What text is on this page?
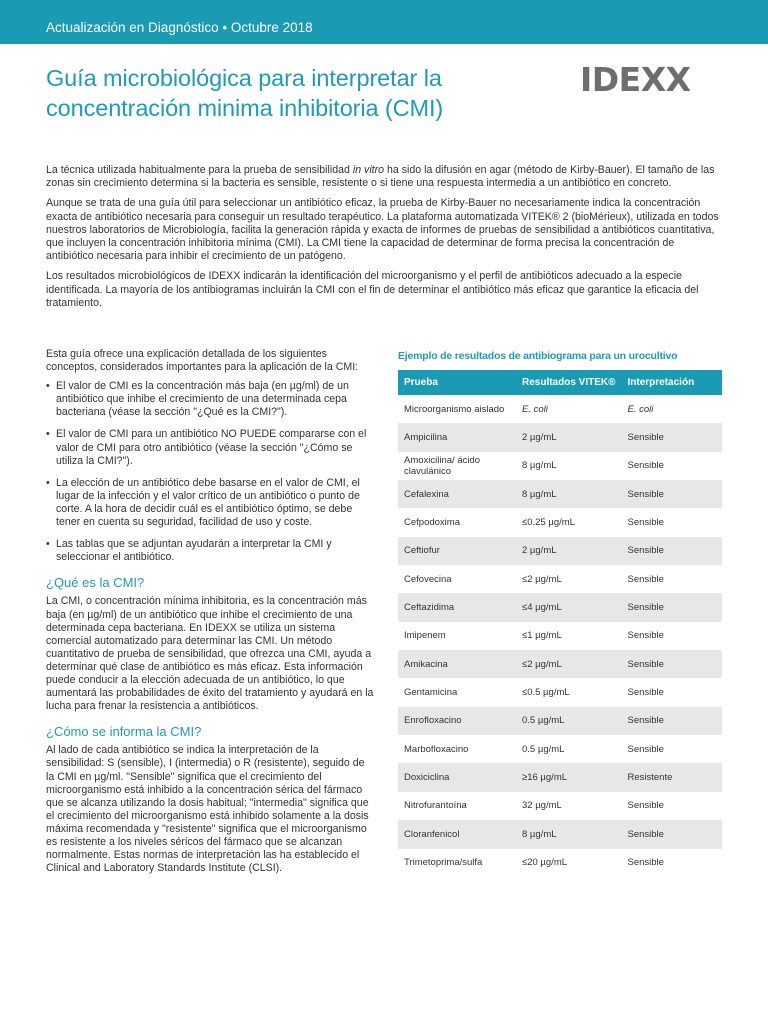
Actualización en Diagnóstico • Octubre 2018
Guía microbiológica para interpretar la
concentración minima inhibitoria (CMI)
IDEXX

La técnica utilizada habitualmente para la prueba de sensibilidad in vitro ha sido la difusión en agar (método de Kirby-Bauer). El tamaño de las zonas sin crecimiento determina si la bacteria es sensible, resistente o si tiene una respuesta intermedia a un antibiótico en concreto.

Aunque se trata de una guía útil para seleccionar un antibiótico eficaz, la prueba de Kirby-Bauer no necesariamente indica la concentración exacta de antibiótico necesaria para conseguir un resultado terapéutico. La plataforma automatizada VITEK® 2 (bioMérieux), utilizada en todos nuestros laboratorios de Microbiología, facilita la generación rápida y exacta de informes de pruebas de sensibilidad a antibióticos cuantitativa, que incluyen la concentración inhibitoria mínima (CMI). La CMI tiene la capacidad de determinar de forma precisa la concentración de antibiótico necesaria para inhibir el crecimiento de un patógeno.

Los resultados microbiológicos de IDEXX indicarán la identificación del microorganismo y el perfil de antibióticos adecuado a la especie identificada. La mayoría de los antibiogramas incluirán la CMI con el fin de determinar el antibiótico más eficaz que garantice la eficacia del tratamiento.

Esta guía ofrece una explicación detallada de los siguientes conceptos, considerados importantes para la aplicación de la CMI:

• El valor de CMI es la concentración más baja (en µg/ml) de un antibiótico que inhibe el crecimiento de una determinada cepa bacteriana (véase la sección "¿Qué es la CMI?").
• El valor de CMI para un antibiótico NO PUEDE compararse con el valor de CMI para otro antibiótico (véase la sección "¿Cómo se utiliza la CMI?").
• La elección de un antibiótico debe basarse en el valor de CMI, el lugar de la infección y el valor crítico de un antibiótico o punto de corte. A la hora de decidir cuál es el antibiótico óptimo, se debe tener en cuenta su seguridad, facilidad de uso y coste.
• Las tablas que se adjuntan ayudarán a interpretar la CMI y seleccionar el antibiótico.
¿Qué es la CMI?

La CMI, o concentración mínima inhibitoria, es la concentración más baja (en µg/ml) de un antibiótico que inhibe el crecimiento de una determinada cepa bacteriana. En IDEXX se utiliza un sistema comercial automatizado para determinar las CMI. Un método cuantitativo de prueba de sensibilidad, que ofrezca una CMI, ayuda a determinar qué clase de antibiótico es más eficaz. Esta información puede conducir a la elección adecuada de un antibiótico, lo que aumentará las probabilidades de éxito del tratamiento y ayudará en la lucha para frenar la resistencia a antibióticos.

¿Cómo se informa la CMI?

Al lado de cada antibiótico se indica la interpretación de la sensibilidad: S (sensible), I (intermedia) o R (resistente), seguido de la CMI en µg/ml. "Sensible" significa que el crecimiento del microorganismo está inhibido a la concentración sérica del fármaco que se alcanza utilizando la dosis habitual; "intermedia" significa que el crecimiento del microorganismo está inhibido solamente a la dosis máxima recomendada y "resistente" significa que el microorganismo es resistente a los niveles séricos del fármaco que se alcanzan normalmente. Estas normas de interpretación las ha establecido el Clinical and Laboratory Standards Institute (CLSI).

Ejemplo de resultados de antibiograma para un urocultivo
Prueba	Resultados VITEK®	Interpretación
Microorganismo aislado	E. coli	E. coli
Ampicilina	2 µg/mL	Sensible
Amoxicilina/ ácido clavulánico	8 µg/mL	Sensible
Cefalexina	8 µg/mL	Sensible
Cefpodoxima	≤0.25 µg/mL	Sensible
Ceftiofur	2 µg/mL	Sensible
Cefovecina	≤2 µg/mL	Sensible
Ceftazidima	≤4 µg/mL	Sensible
Imipenem	≤1 µg/mL	Sensible
Amikacina	≤2 µg/mL	Sensible
Gentamicina	≤0.5 µg/mL	Sensible
Enrofloxacino	0.5 µg/mL	Sensible
Marbofloxacino	0.5 µg/mL	Sensible
Doxiciclina	≥16 µg/mL	Resistente
Nitrofurantoína	32 µg/mL	Sensible
Cloranfenicol	8 µg/mL	Sensible
Trimetoprima/sulfa	≤20 µg/mL	Sensible
